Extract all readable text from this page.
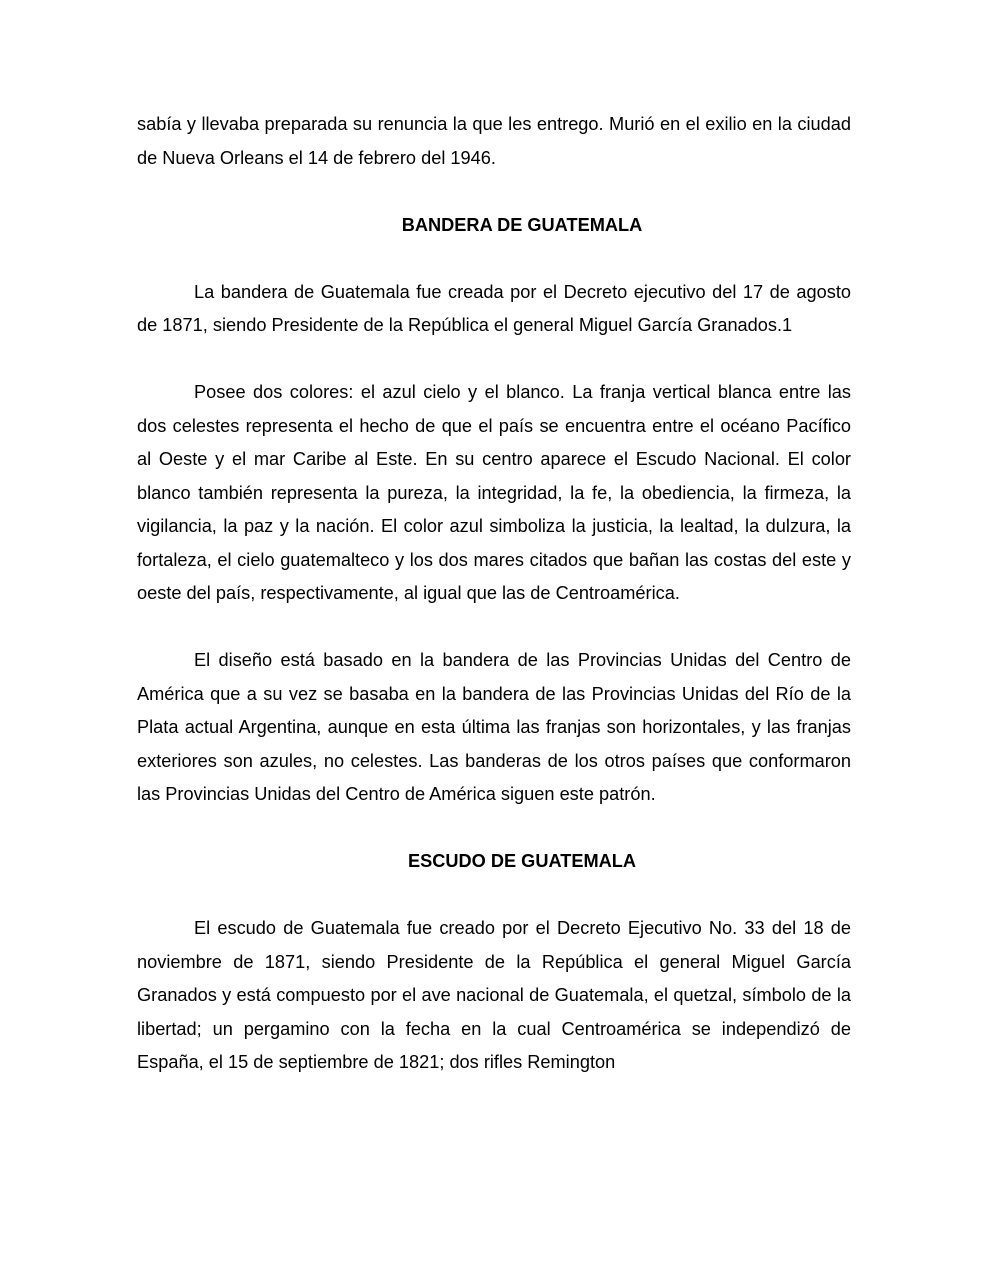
sabía y llevaba preparada su renuncia la que les entrego. Murió en el exilio en la ciudad de Nueva Orleans el 14 de febrero del 1946.

BANDERA DE GUATEMALA

La bandera de Guatemala fue creada por el Decreto ejecutivo del 17 de agosto de 1871, siendo Presidente de la República el general Miguel García Granados.1

Posee dos colores: el azul cielo y el blanco. La franja vertical blanca entre las dos celestes representa el hecho de que el país se encuentra entre el océano Pacífico al Oeste y el mar Caribe al Este. En su centro aparece el Escudo Nacional. El color blanco también representa la pureza, la integridad, la fe, la obediencia, la firmeza, la vigilancia, la paz y la nación. El color azul simboliza la justicia, la lealtad, la dulzura, la fortaleza, el cielo guatemalteco y los dos mares citados que bañan las costas del este y oeste del país, respectivamente, al igual que las de Centroamérica.

El diseño está basado en la bandera de las Provincias Unidas del Centro de América que a su vez se basaba en la bandera de las Provincias Unidas del Río de la Plata actual Argentina, aunque en esta última las franjas son horizontales, y las franjas exteriores son azules, no celestes. Las banderas de los otros países que conformaron las Provincias Unidas del Centro de América siguen este patrón.

ESCUDO DE GUATEMALA

El escudo de Guatemala fue creado por el Decreto Ejecutivo No. 33 del 18 de noviembre de 1871, siendo Presidente de la República el general Miguel García Granados y está compuesto por el ave nacional de Guatemala, el quetzal, símbolo de la libertad; un pergamino con la fecha en la cual Centroamérica se independizó de España, el 15 de septiembre de 1821; dos rifles Remington
